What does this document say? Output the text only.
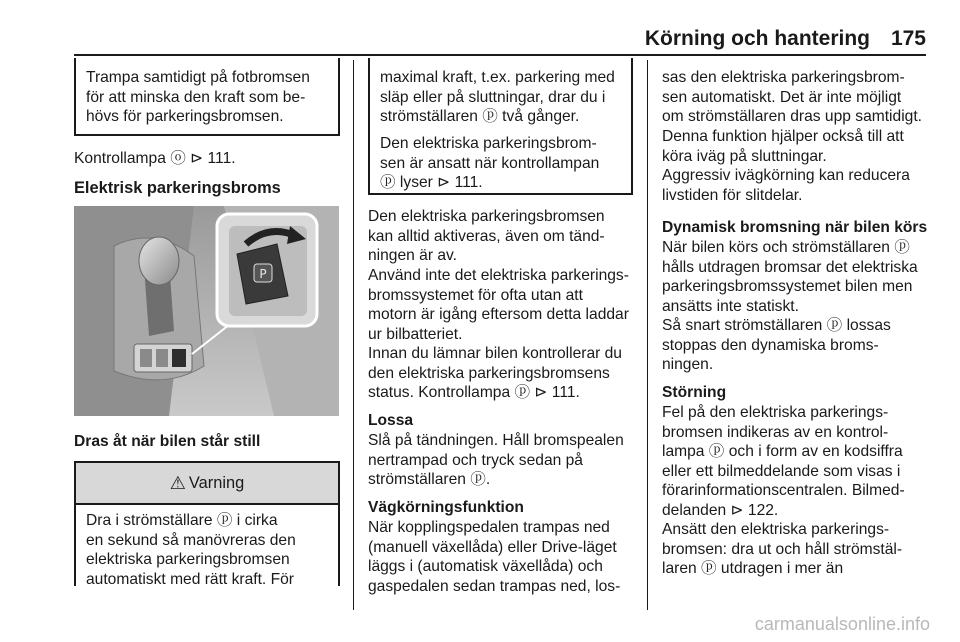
Körning och hantering 175

Trampa samtidigt på fotbromsen
för att minska den kraft som be-
hövs för parkeringsbromsen.

Kontrollampa ⓞ ⊳ 111.

Elektrisk parkeringsbroms

P

Dras åt när bilen står still

⚠ Varning

Dra i strömställare ⓟ i cirka
en sekund så manövreras den
elektriska parkeringsbromsen
automatiskt med rätt kraft. För

maximal kraft, t.ex. parkering med
släp eller på sluttningar, drar du i
strömställaren ⓟ två gånger.

Den elektriska parkeringsbrom-
sen är ansatt när kontrollampan
ⓟ lyser ⊳ 111.

Den elektriska parkeringsbromsen
kan alltid aktiveras, även om tänd-
ningen är av.

Använd inte det elektriska parkerings-
bromssystemet för ofta utan att
motorn är igång eftersom detta laddar
ur bilbatteriet.

Innan du lämnar bilen kontrollerar du
den elektriska parkeringsbromsens
status. Kontrollampa ⓟ ⊳ 111.

Lossa

Slå på tändningen. Håll bromspealen
nertrampad och tryck sedan på
strömställaren ⓟ.

Vägkörningsfunktion

När kopplingspedalen trampas ned
(manuell växellåda) eller Drive-läget
läggs i (automatisk växellåda) och
gaspedalen sedan trampas ned, los-

sas den elektriska parkeringsbrom-
sen automatiskt. Det är inte möjligt
om strömställaren dras upp samtidigt.

Denna funktion hjälper också till att
köra iväg på sluttningar.

Aggressiv ivägkörning kan reducera
livstiden för slitdelar.

Dynamisk bromsning när bilen körs

När bilen körs och strömställaren ⓟ
hålls utdragen bromsar det elektriska
parkeringsbromssystemet bilen men
ansätts inte statiskt.

Så snart strömställaren ⓟ lossas
stoppas den dynamiska broms-
ningen.

Störning

Fel på den elektriska parkerings-
bromsen indikeras av en kontrol-
lampa ⓟ och i form av en kodsiffra
eller ett bilmeddelande som visas i
förarinformationscentralen. Bilmed-
delanden ⊳ 122.

Ansätt den elektriska parkerings-
bromsen: dra ut och håll strömstäl-
laren ⓟ utdragen i mer än

carmanualsonline.info
